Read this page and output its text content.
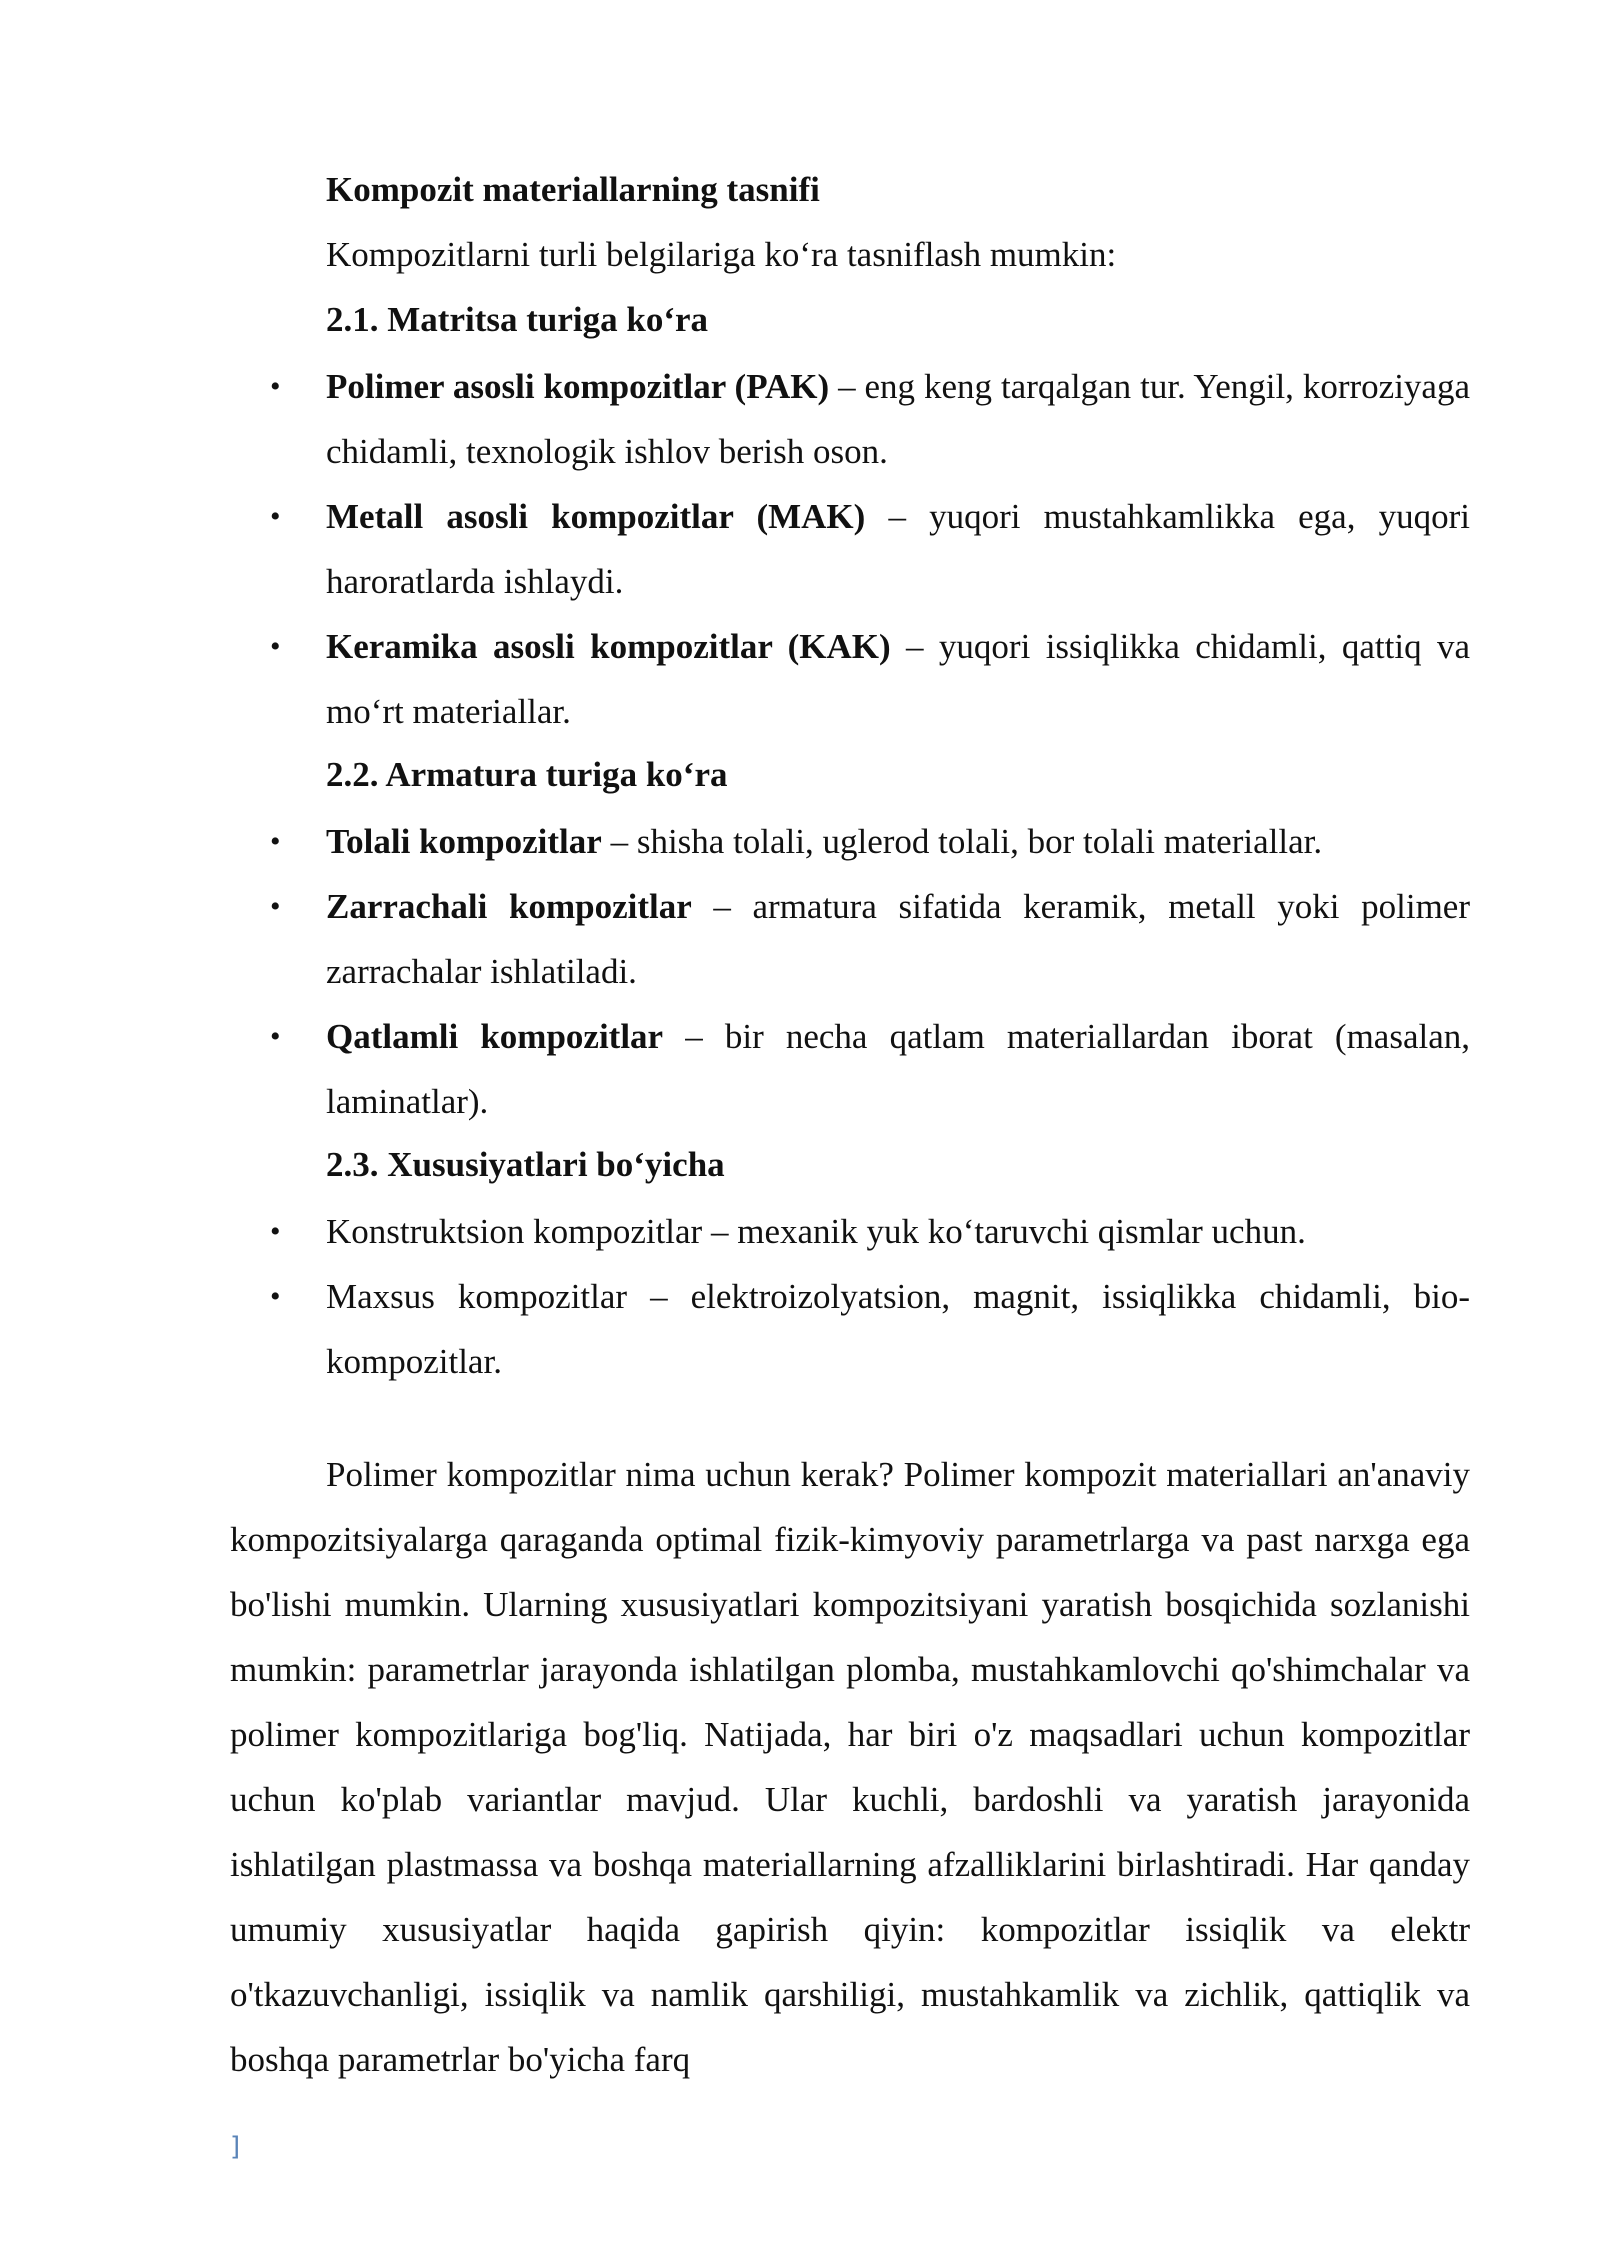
Kompozit materiallarning tasnifi
Kompozitlarni turli belgilariga ko‘ra tasniflash mumkin:
2.1. Matritsa turiga ko‘ra
•	Polimer asosli kompozitlar (PAK) – eng keng tarqalgan tur. Yengil, korroziyaga chidamli, texnologik ishlov berish oson.
•	Metall asosli kompozitlar (MAK) – yuqori mustahkamlikka ega, yuqori haroratlarda ishlaydi.
•	Keramika asosli kompozitlar (KAK) – yuqori issiqlikka chidamli, qattiq va mo‘rt materiallar.
2.2. Armatura turiga ko‘ra
•	Tolali kompozitlar – shisha tolali, uglerod tolali, bor tolali materiallar.
•	Zarrachali kompozitlar – armatura sifatida keramik, metall yoki polimer zarrachalar ishlatiladi.
•	Qatlamli kompozitlar – bir necha qatlam materiallardan iborat (masalan, laminatlar).
2.3. Xususiyatlari bo‘yicha
•	Konstruktsion kompozitlar – mexanik yuk ko‘taruvchi qismlar uchun.
•	Maxsus kompozitlar – elektroizolyatsion, magnit, issiqlikka chidamli, bio-kompozitlar.
Polimer kompozitlar nima uchun kerak? Polimer kompozit materiallari an'anaviy kompozitsiyalarga qaraganda optimal fizik-kimyoviy parametrlarga va past narxga ega bo'lishi mumkin. Ularning xususiyatlari kompozitsiyani yaratish bosqichida sozlanishi mumkin: parametrlar jarayonda ishlatilgan plomba, mustahkamlovchi qo'shimchalar va polimer kompozitlariga bog'liq. Natijada, har biri o'z maqsadlari uchun kompozitlar uchun ko'plab variantlar mavjud. Ular kuchli, bardoshli va yaratish jarayonida ishlatilgan plastmassa va boshqa materiallarning afzalliklarini birlashtiradi. Har qanday umumiy xususiyatlar haqida gapirish qiyin: kompozitlar issiqlik va elektr o'tkazuvchanligi, issiqlik va namlik qarshiligi, mustahkamlik va zichlik, qattiqlik va boshqa parametrlar bo'yicha farq
]
